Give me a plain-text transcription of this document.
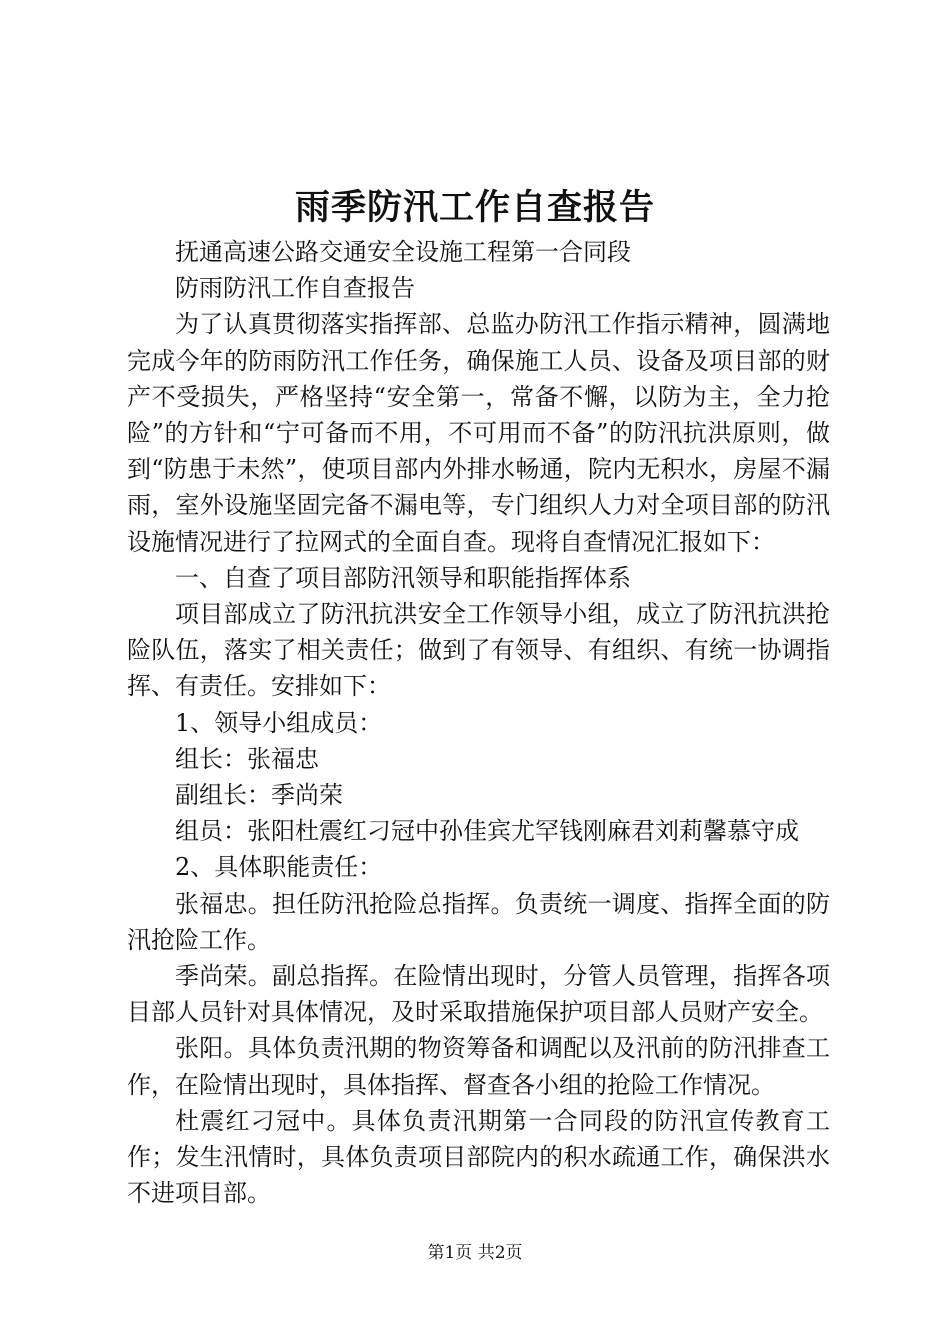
雨季防汛工作自查报告

抚通高速公路交通安全设施工程第一合同段

防雨防汛工作自查报告

为了认真贯彻落实指挥部、总监办防汛工作指示精神，圆满地完成今年的防雨防汛工作任务，确保施工人员、设备及项目部的财产不受损失，严格坚持“安全第一，常备不懈，以防为主，全力抢险”的方针和“宁可备而不用，不可用而不备”的防汛抗洪原则，做到“防患于未然”，使项目部内外排水畅通，院内无积水，房屋不漏雨，室外设施坚固完备不漏电等，专门组织人力对全项目部的防汛设施情况进行了拉网式的全面自查。现将自查情况汇报如下：

一、自查了项目部防汛领导和职能指挥体系

项目部成立了防汛抗洪安全工作领导小组，成立了防汛抗洪抢险队伍，落实了相关责任；做到了有领导、有组织、有统一协调指挥、有责任。安排如下：

1、领导小组成员：

组长：张福忠

副组长：季尚荣

组员：张阳杜震红刁冠中孙佳宾尤罕钱刚麻君刘莉馨慕守成

2、具体职能责任：

张福忠。担任防汛抢险总指挥。负责统一调度、指挥全面的防汛抢险工作。

季尚荣。副总指挥。在险情出现时，分管人员管理，指挥各项目部人员针对具体情况，及时采取措施保护项目部人员财产安全。

张阳。具体负责汛期的物资筹备和调配以及汛前的防汛排查工作，在险情出现时，具体指挥、督查各小组的抢险工作情况。

杜震红刁冠中。具体负责汛期第一合同段的防汛宣传教育工作；发生汛情时，具体负责项目部院内的积水疏通工作，确保洪水不进项目部。

第1页 共2页
